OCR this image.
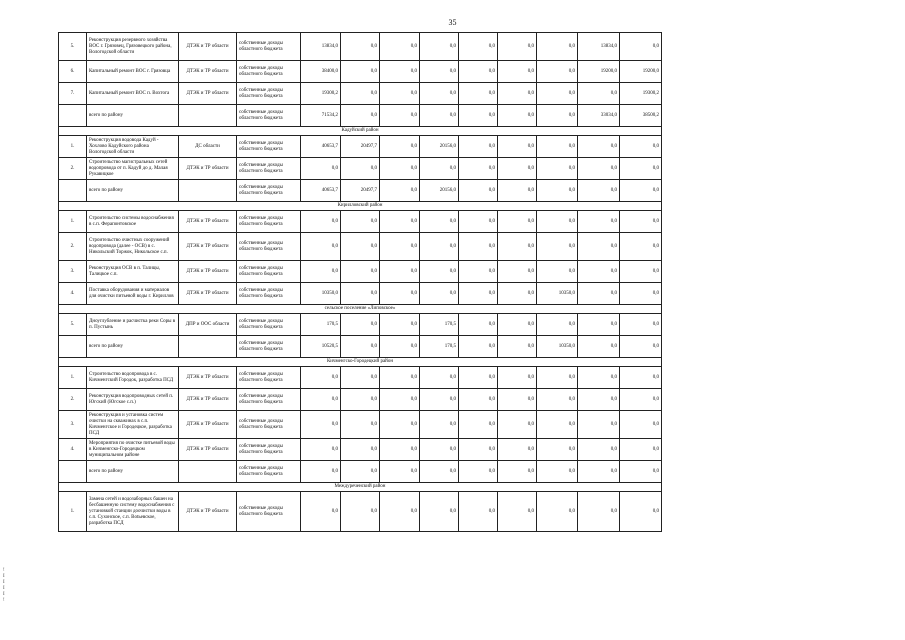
35
!
I
I
I
I
!
5.	Реконструкция резервного хозяйства ВОС г. Грязовец, Грязовецкого района, Вологодской области	ДТЭК и ТР области	собственные доходы областного бюджета	13834,0	0,0	0,0	0,0	0,0	0,0	0,0	13834,0	0,0
6.	Капитальный ремонт ВОС г. Грязовца	ДТЭК и ТР области	собственные доходы областного бюджета	38400,0	0,0	0,0	0,0	0,0	0,0	0,0	19200,0	19200,0
7.	Капитальный ремонт ВОС п. Вохтога	ДТЭК и ТР области	собственные доходы областного бюджета	19300,2	0,0	0,0	0,0	0,0	0,0	0,0	0,0	19300,2
	всего по району		собственные доходы областного бюджета	71534,2	0,0	0,0	0,0	0,0	0,0	0,0	33034,0	38500,2
Кадуйский район												
1.	Реконструкция водовода Кадуй - Хохлово Кадуйского района Вологодской области	ДС области	собственные доходы областного бюджета	40653,7	20497,7	0,0	20156,0	0,0	0,0	0,0	0,0	0,0
2.	Строительство магистральных сетей водопровода от п. Кадуй до д. Малая Рукавицкое	ДТЭК и ТР области	собственные доходы областного бюджета	0,0	0,0	0,0	0,0	0,0	0,0	0,0	0,0	0,0
	всего по району		собственные доходы областного бюджета	40653,7	20497,7	0,0	20156,0	0,0	0,0	0,0	0,0	0,0
Кирилловский район												
1.	Строительство системы водоснабжения в с.п. Ферапонтовское	ДТЭК и ТР области	собственные доходы областного бюджета	0,0	0,0	0,0	0,0	0,0	0,0	0,0	0,0	0,0
2.	Строительство очистных сооружений водопровода (далее - ОСВ) в с. Никольский Торжок, Никольское с.п.	ДТЭК и ТР области	собственные доходы областного бюджета	0,0	0,0	0,0	0,0	0,0	0,0	0,0	0,0	0,0
3.	Реконструкция ОСВ в п. Талицы, Талицкое с.п.	ДТЭК и ТР области	собственные доходы областного бюджета	0,0	0,0	0,0	0,0	0,0	0,0	0,0	0,0	0,0
4.	Поставка оборудования и материалов для очистки питьевой воды г. Кириллов	ДТЭК и ТР области	собственные доходы областного бюджета	10350,0	0,0	0,0	0,0	0,0	0,0	10350,0	0,0	0,0
сельское поселение «Липовское»												
5.	Дноуглубление и расчистка реки Соры в п. Пустынь	ДПР и ООС области	собственные доходы областного бюджета	170,5	0,0	0,0	170,5	0,0	0,0	0,0	0,0	0,0
	всего по району		собственные доходы областного бюджета	10520,5	0,0	0,0	170,5	0,0	0,0	10350,0	0,0	0,0
Кичменгско-Городецкий район												
1.	Строительство водопровода в с. Кичменгский Городок, разработка ПСД	ДТЭК и ТР области	собственные доходы областного бюджета	0,0	0,0	0,0	0,0	0,0	0,0	0,0	0,0	0,0
2.	Реконструкция водопроводных сетей п. Югский (Югское с.п.)	ДТЭК и ТР области	собственные доходы областного бюджета	0,0	0,0	0,0	0,0	0,0	0,0	0,0	0,0	0,0
3.	Реконструкция и установка систем очистки на скважинах в с.п. Кичменгское и Городецкое, разработка ПСД	ДТЭК и ТР области	собственные доходы областного бюджета	0,0	0,0	0,0	0,0	0,0	0,0	0,0	0,0	0,0
4.	Мероприятия по очистке питьевой воды в Кичменгско-Городецком муниципальном районе	ДТЭК и ТР области	собственные доходы областного бюджета	0,0	0,0	0,0	0,0	0,0	0,0	0,0	0,0	0,0
	всего по району		собственные доходы областного бюджета	0,0	0,0	0,0	0,0	0,0	0,0	0,0	0,0	0,0
Междуреченский район												
1.	Замена сетей и водозаборных башен на бесбашенную систему водоснабжения с установкой станции доочистки воды в с.п. Сухонское, с.п. Botьевское, разработка ПСД	ДТЭК и ТР области	собственные доходы областного бюджета	0,0	0,0	0,0	0,0	0,0	0,0	0,0	0,0	0,0
